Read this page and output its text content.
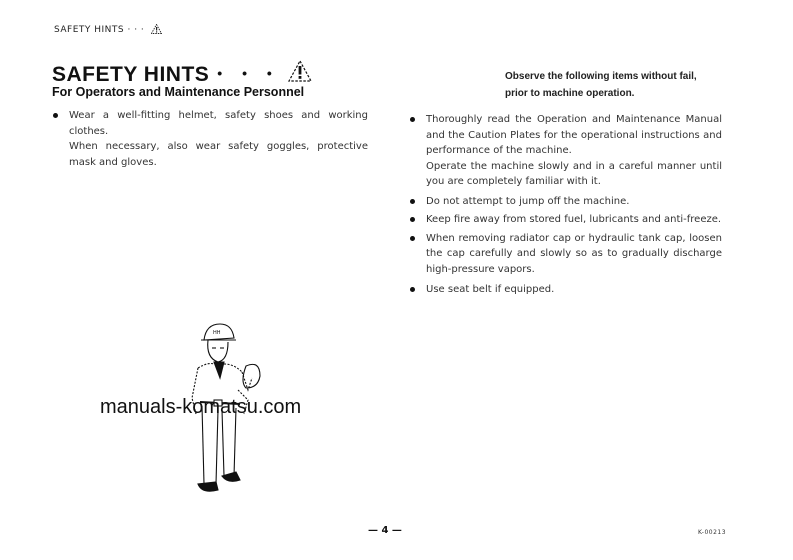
SAFETY HINTS · · ·
SAFETY HINTS • • •
For Operators and Maintenance Personnel
Observe the following items without fail,
prior to machine operation.

Wear a well-fitting helmet, safety shoes and working clothes.

When necessary, also wear safety goggles, protective mask and gloves.

Thoroughly read the Operation and Maintenance Manual and the Caution Plates for the operational instructions and performance of the machine.

Operate the machine slowly and in a careful manner until you are completely familiar with it.

Do not attempt to jump off the machine.

Keep fire away from stored fuel, lubricants and anti-freeze.

When removing radiator cap or hydraulic tank cap, loosen the cap carefully and slowly so as to gradually discharge high-pressure vapors.

Use seat belt if equipped.

HH
manuals-komatsu.com
— 4 —	K-00213
